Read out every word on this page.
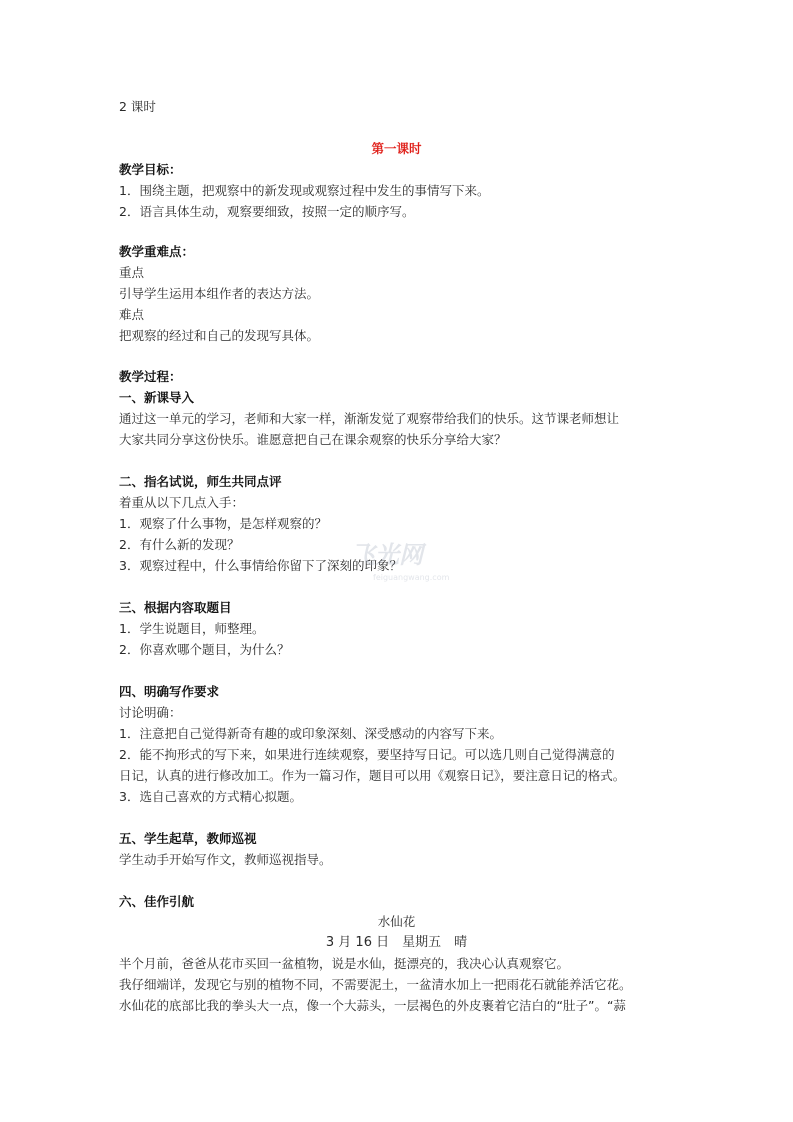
2 课时
第一课时
教学目标：
1．围绕主题，把观察中的新发现或观察过程中发生的事情写下来。
2．语言具体生动，观察要细致，按照一定的顺序写。
教学重难点：
重点
引导学生运用本组作者的表达方法。
难点
把观察的经过和自己的发现写具体。
教学过程：
一、新课导入
通过这一单元的学习，老师和大家一样，渐渐发觉了观察带给我们的快乐。这节课老师想让
大家共同分享这份快乐。谁愿意把自己在课余观察的快乐分享给大家？
二、指名试说，师生共同点评
着重从以下几点入手：
1．观察了什么事物，是怎样观察的？
2．有什么新的发现？
3．观察过程中，什么事情给你留下了深刻的印象？
三、根据内容取题目
1．学生说题目，师整理。
2．你喜欢哪个题目，为什么？
四、明确写作要求
讨论明确：
1．注意把自己觉得新奇有趣的或印象深刻、深受感动的内容写下来。
2．能不拘形式的写下来，如果进行连续观察，要坚持写日记。可以选几则自己觉得满意的
日记，认真的进行修改加工。作为一篇习作，题目可以用《观察日记》，要注意日记的格式。
3．选自己喜欢的方式精心拟题。
五、学生起草，教师巡视
学生动手开始写作文，教师巡视指导。
六、佳作引航
水仙花
3 月 16 日　星期五　晴
半个月前，爸爸从花市买回一盆植物，说是水仙，挺漂亮的，我决心认真观察它。
我仔细端详，发现它与别的植物不同，不需要泥土，一盆清水加上一把雨花石就能养活它花。
水仙花的底部比我的拳头大一点，像一个大蒜头，一层褐色的外皮裹着它洁白的“肚子”。“蒜
飞光网
feiguangwang.com
